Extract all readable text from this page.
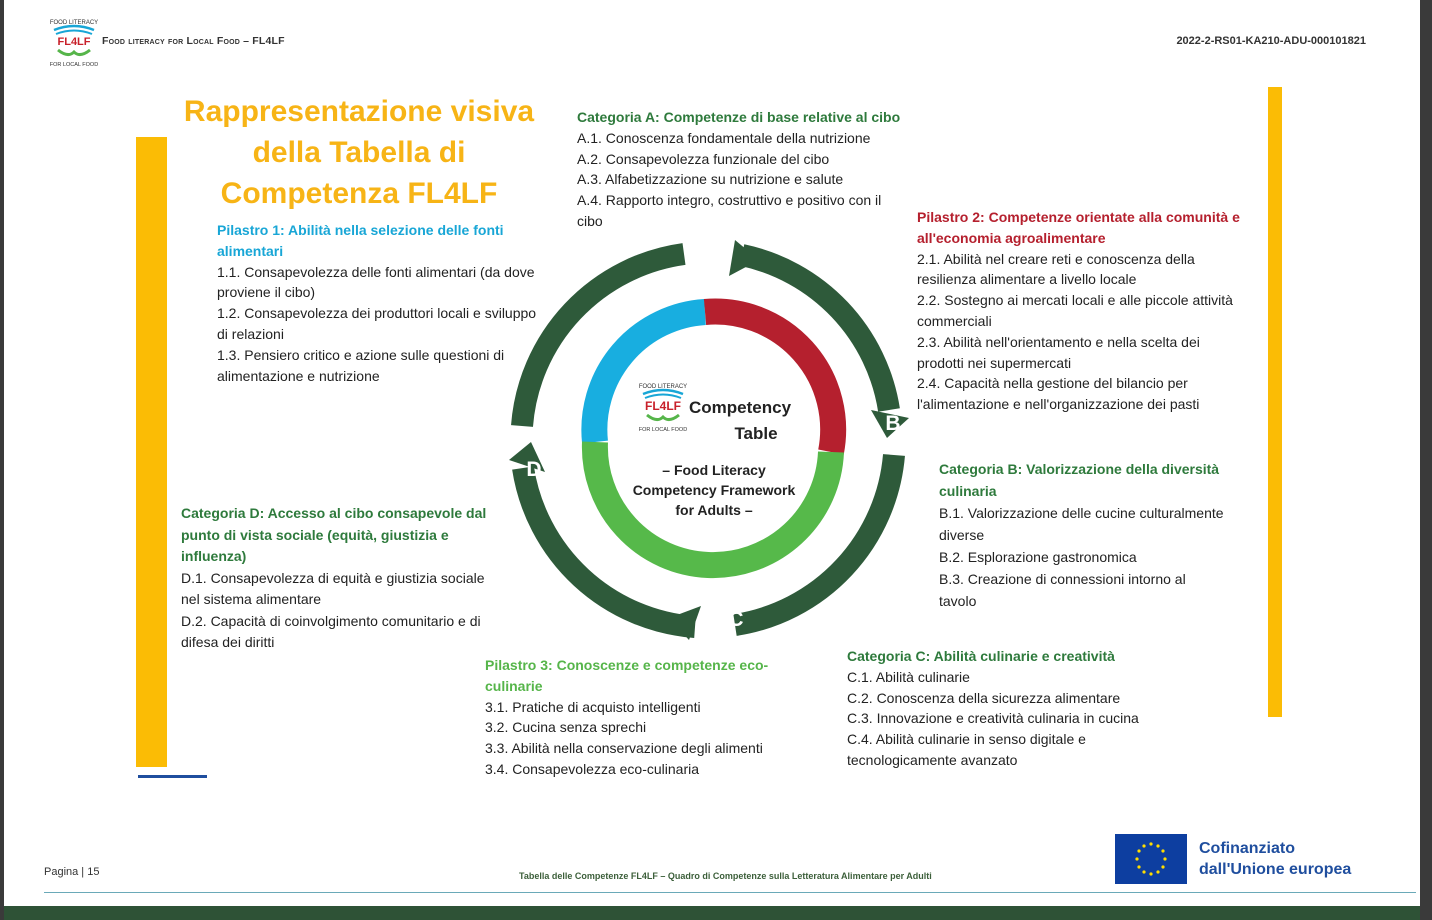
FOOD LITERACY
FL4LF
FOR LOCAL FOOD
Food literacy for Local Food – FL4LF	2022-2-RS01-KA210-ADU-000101821
Rappresentazione visiva
della Tabella di
Competenza FL4LF
Categoria A: Competenze di base relative al cibo
A.1. Conoscenza fondamentale della nutrizione
A.2. Consapevolezza funzionale del cibo
A.3. Alfabetizzazione su nutrizione e salute
A.4. Rapporto integro, costruttivo e positivo con il
cibo
Pilastro 1: Abilità nella selezione delle fonti
alimentari
1.1. Consapevolezza delle fonti alimentari (da dove
proviene il cibo)
1.2. Consapevolezza dei produttori locali e sviluppo
di relazioni
1.3. Pensiero critico e azione sulle questioni di
alimentazione e nutrizione
Pilastro 2: Competenze orientate alla comunità e
all'economia agroalimentare
2.1. Abilità nel creare reti e conoscenza della
resilienza alimentare a livello locale
2.2. Sostegno ai mercati locali e alle piccole attività
commerciali
2.3. Abilità nell'orientamento e nella scelta dei
prodotti nei supermercati
2.4. Capacità nella gestione del bilancio per
l'alimentazione e nell'organizzazione dei pasti
Categoria B: Valorizzazione della diversità
culinaria
B.1. Valorizzazione delle cucine culturalmente
diverse
B.2. Esplorazione gastronomica
B.3. Creazione di connessioni intorno al
tavolo
Categoria D: Accesso al cibo consapevole dal
punto di vista sociale (equità, giustizia e
influenza)
D.1. Consapevolezza di equità e giustizia sociale
nel sistema alimentare
D.2. Capacità di coinvolgimento comunitario e di
difesa dei diritti
Pilastro 3: Conoscenze e competenze eco-
culinarie
3.1. Pratiche di acquisto intelligenti
3.2. Cucina senza sprechi
3.3. Abilità nella conservazione degli alimenti
3.4. Consapevolezza eco-culinaria
Categoria C: Abilità culinarie e creatività
C.1. Abilità culinarie
C.2. Conoscenza della sicurezza alimentare
C.3. Innovazione e creatività culinaria in cucina
C.4. Abilità culinarie in senso digitale e
tecnologicamente avanzato
A
B
C
D
FOOD LITERACY
FL4LF
FOR LOCAL FOOD
Competency
Table
– Food Literacy
Competency Framework
for Adults –
Pagina | 15	Tabella delle Competenze FL4LF – Quadro di Competenze sulla Letteratura Alimentare per Adulti
Cofinanziato
dall'Unione europea
